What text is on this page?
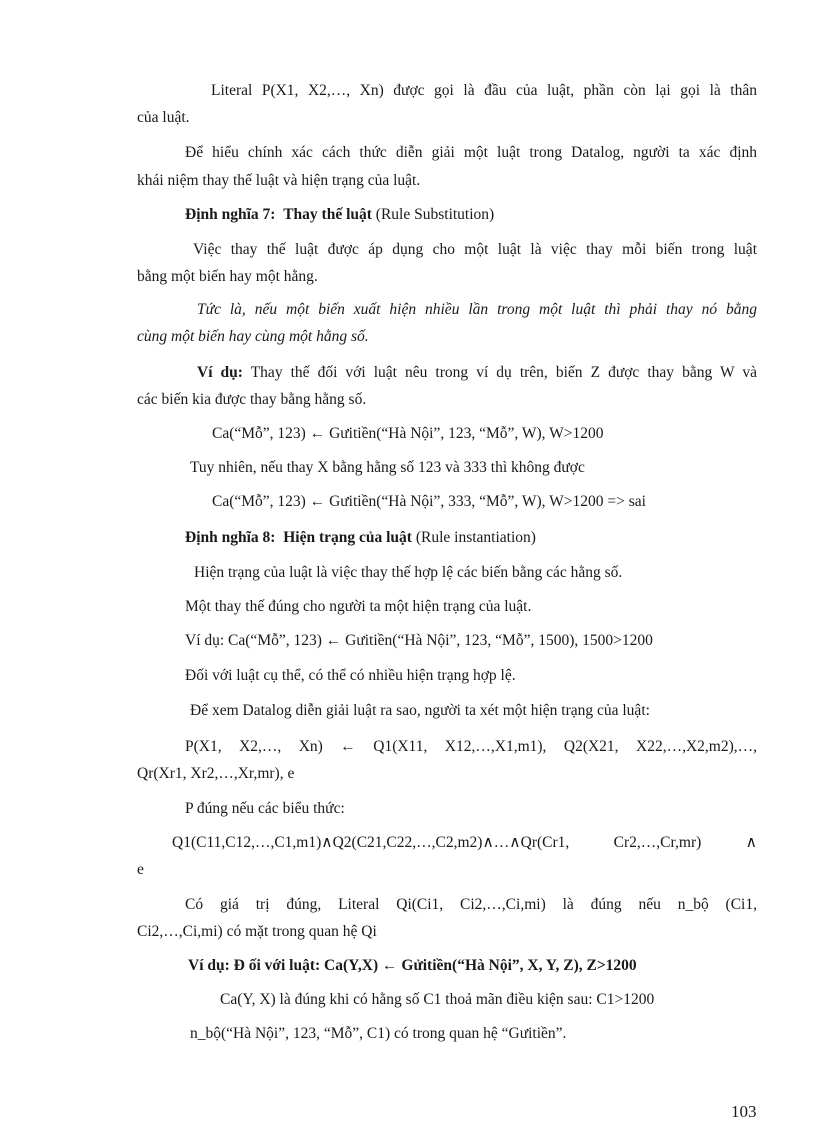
Literal P(X1, X2,…, Xn) được gọi là đầu của luật, phần còn lại gọi là thân
của luật.
Để hiểu chính xác cách thức diễn giải một luật trong Datalog, người ta xác định
khái niệm thay thế luật và hiện trạng của luật.
Định nghĩa 7: Thay thế luật (Rule Substitution)
Việc thay thế luật được áp dụng cho một luật là việc thay mỗi biến trong luật
bằng một biến hay một hằng.
Tức là, nếu một biến xuất hiện nhiều lần trong một luật thì phải thay nó bằng
cùng một biến hay cùng một hằng số.
Ví dụ: Thay thế đối với luật nêu trong ví dụ trên, biến Z được thay bằng W và
các biến kia được thay bằng hằng số.
Ca(“Mỗ”, 123) ← Gưitiền(“Hà Nội”, 123, “Mỗ”, W), W>1200
Tuy nhiên, nếu thay X bằng hằng số 123 và 333 thì không được
Ca(“Mỗ”, 123) ← Gưitiền(“Hà Nội”, 333, “Mỗ”, W), W>1200 => sai
Định nghĩa 8: Hiện trạng của luật (Rule instantiation)
Hiện trạng của luật là việc thay thế hợp lệ các biến bằng các hằng số.
Một thay thế đúng cho người ta một hiện trạng của luật.
Ví dụ: Ca(“Mỗ”, 123) ← Gưitiền(“Hà Nội”, 123, “Mỗ”, 1500), 1500>1200
Đối với luật cụ thể, có thể có nhiều hiện trạng hợp lệ.
Để xem Datalog diễn giải luật ra sao, người ta xét một hiện trạng của luật:
P(X1, X2,…, Xn) ← Q1(X11, X12,…,X1,m1), Q2(X21, X22,…,X2,m2),…,
Qr(Xr1, Xr2,…,Xr,mr), e
P đúng nếu các biểu thức:
Q1(C11,C12,…,C1,m1)∧Q2(C21,C22,…,C2,m2)∧…∧Qr(Cr1, Cr2,…,Cr,mr) ∧
e
Có giá trị đúng, Literal Qi(Ci1, Ci2,…,Ci,mi) là đúng nếu n_bộ (Ci1,
Ci2,…,Ci,mi) có mặt trong quan hệ Qi
Ví dụ: Đ ối với luật: Ca(Y,X) ← Gửitiền(“Hà Nội”, X, Y, Z), Z>1200
Ca(Y, X) là đúng khi có hằng số C1 thoả mãn điều kiện sau: C1>1200
n_bộ(“Hà Nội”, 123, “Mỗ”, C1) có trong quan hệ “Gưitiền”.
103
